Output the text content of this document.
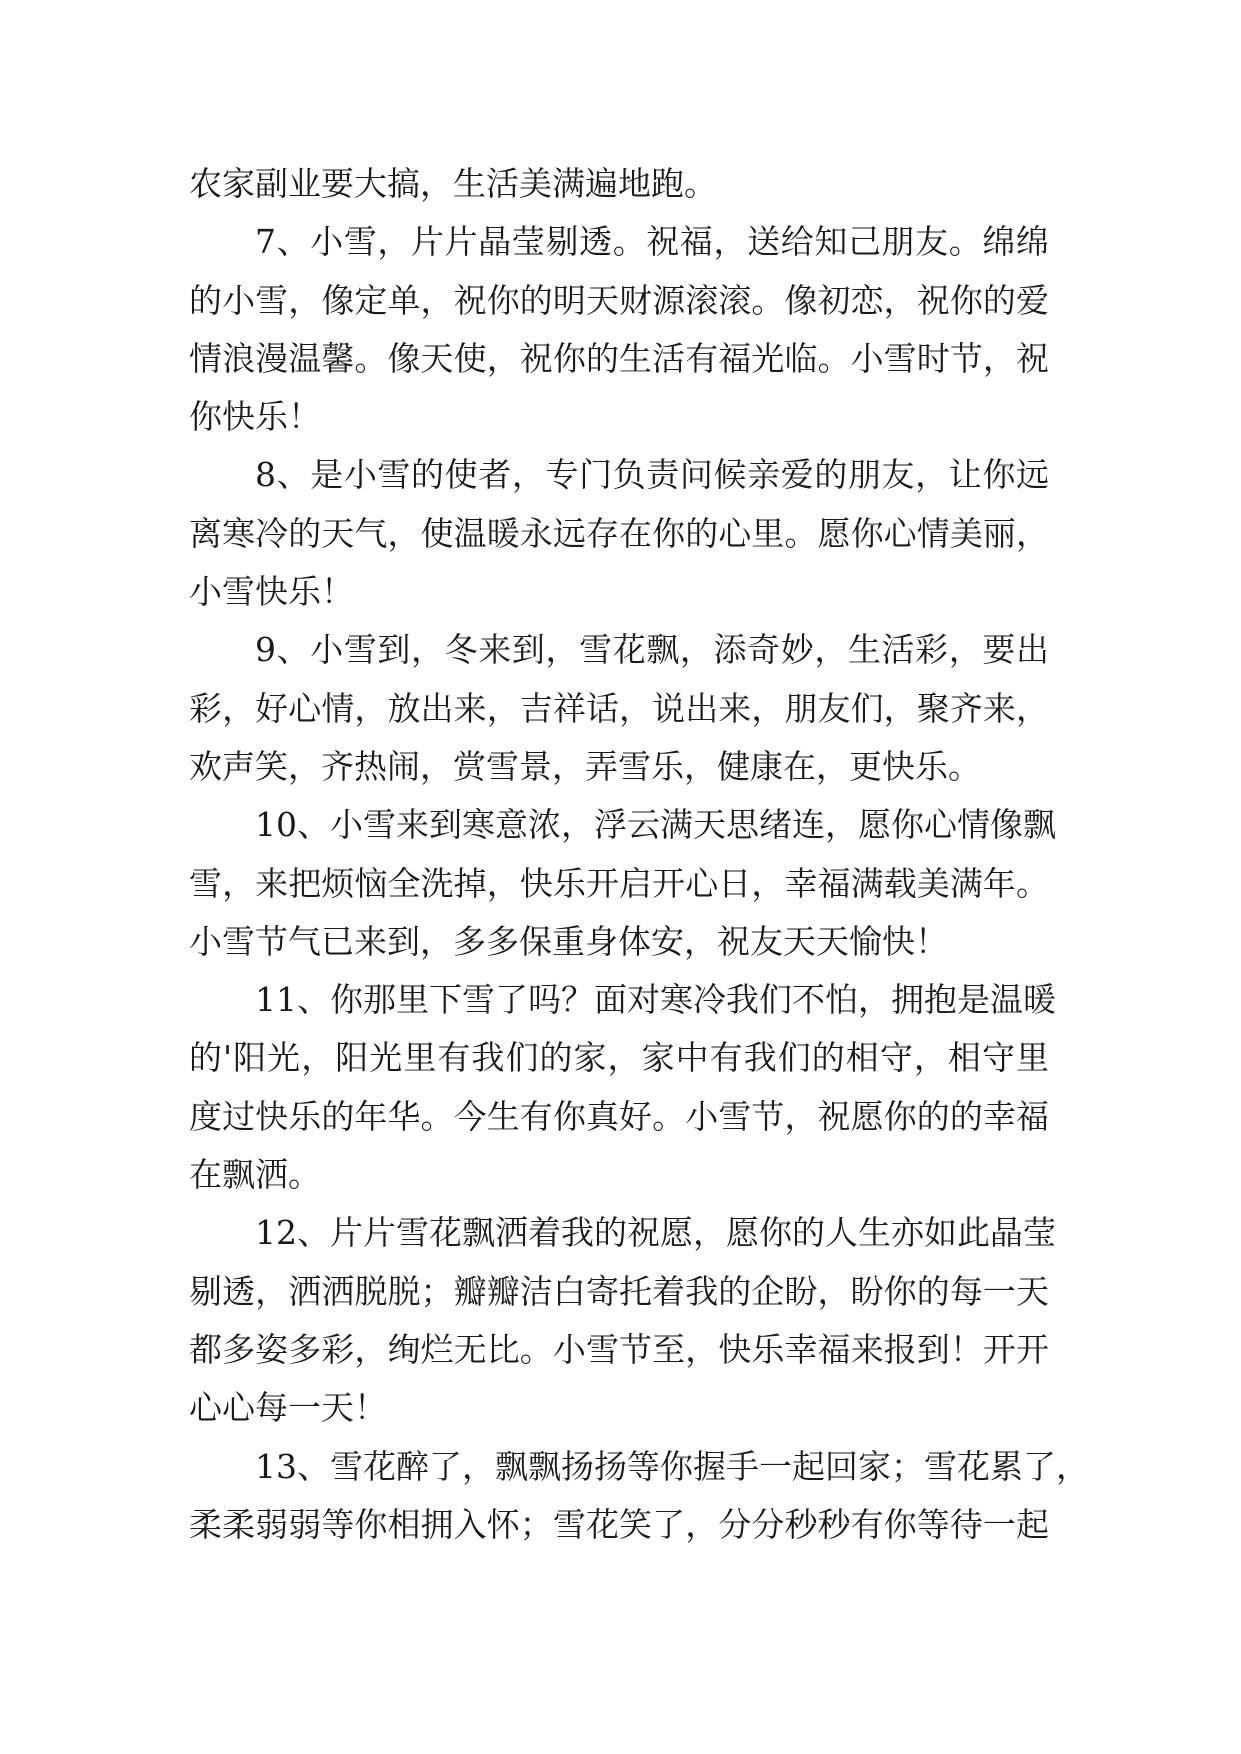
农家副业要大搞，生活美满遍地跑。
7、小雪，片片晶莹剔透。祝福，送给知己朋友。绵绵
的小雪，像定单，祝你的明天财源滚滚。像初恋，祝你的爱
情浪漫温馨。像天使，祝你的生活有福光临。小雪时节，祝
你快乐！
8、是小雪的使者，专门负责问候亲爱的朋友，让你远
离寒冷的天气，使温暖永远存在你的心里。愿你心情美丽，
小雪快乐！
9、小雪到，冬来到，雪花飘，添奇妙，生活彩，要出
彩，好心情，放出来，吉祥话，说出来，朋友们，聚齐来，
欢声笑，齐热闹，赏雪景，弄雪乐，健康在，更快乐。
10、小雪来到寒意浓，浮云满天思绪连，愿你心情像飘
雪，来把烦恼全洗掉，快乐开启开心日，幸福满载美满年。
小雪节气已来到，多多保重身体安，祝友天天愉快！
11、你那里下雪了吗？面对寒冷我们不怕，拥抱是温暖
的'阳光，阳光里有我们的家，家中有我们的相守，相守里
度过快乐的年华。今生有你真好。小雪节，祝愿你的的幸福
在飘洒。
12、片片雪花飘洒着我的祝愿，愿你的人生亦如此晶莹
剔透，洒洒脱脱；瓣瓣洁白寄托着我的企盼，盼你的每一天
都多姿多彩，绚烂无比。小雪节至，快乐幸福来报到！开开
心心每一天！
13、雪花醉了，飘飘扬扬等你握手一起回家；雪花累了，
柔柔弱弱等你相拥入怀；雪花笑了，分分秒秒有你等待一起
